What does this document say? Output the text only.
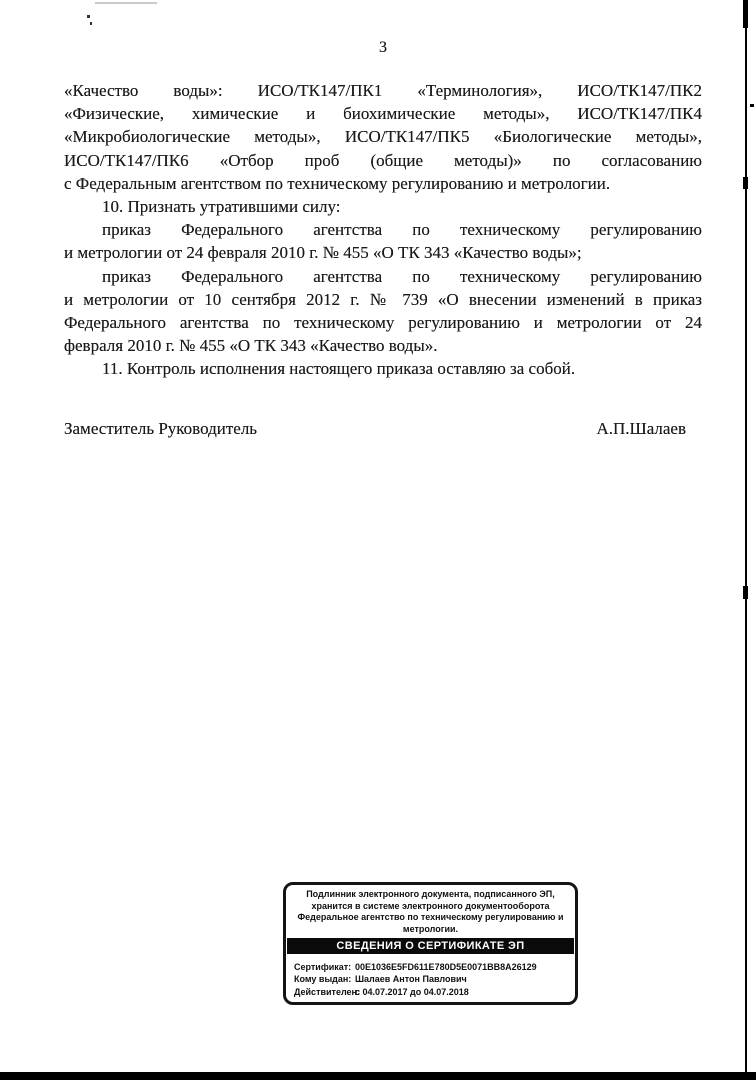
3
«Качество воды»: ИСО/ТК147/ПК1 «Терминология», ИСО/ТК147/ПК2
«Физические, химические и биохимические методы», ИСО/ТК147/ПК4
«Микробиологические методы», ИСО/ТК147/ПК5 «Биологические методы»,
ИСО/ТК147/ПК6 «Отбор проб (общие методы)» по согласованию
с Федеральным агентством по техническому регулированию и метрологии.
10. Признать утратившими силу:
приказ Федерального агентства по техническому регулированию
и метрологии от 24 февраля 2010 г. № 455 «О ТК 343 «Качество воды»;
приказ Федерального агентства по техническому регулированию
и метрологии от 10 сентября 2012 г. № 739 «О внесении изменений в приказ
Федерального агентства по техническому регулированию и метрологии от 24
февраля 2010 г. № 455 «О ТК 343 «Качество воды».
11. Контроль исполнения настоящего приказа оставляю за собой.
Заместитель Руководитель	А.П.Шалаев
Подлинник электронного документа, подписанного ЭП,
хранится в системе электронного документооборота
Федеральное агентство по техническому регулированию и
метрологии.
СВЕДЕНИЯ О СЕРТИФИКАТЕ ЭП
Сертификат: 00E1036E5FD611E780D5E0071BB8A26129
Кому выдан: Шалаев Антон Павлович
Действителен:с 04.07.2017 до 04.07.2018
